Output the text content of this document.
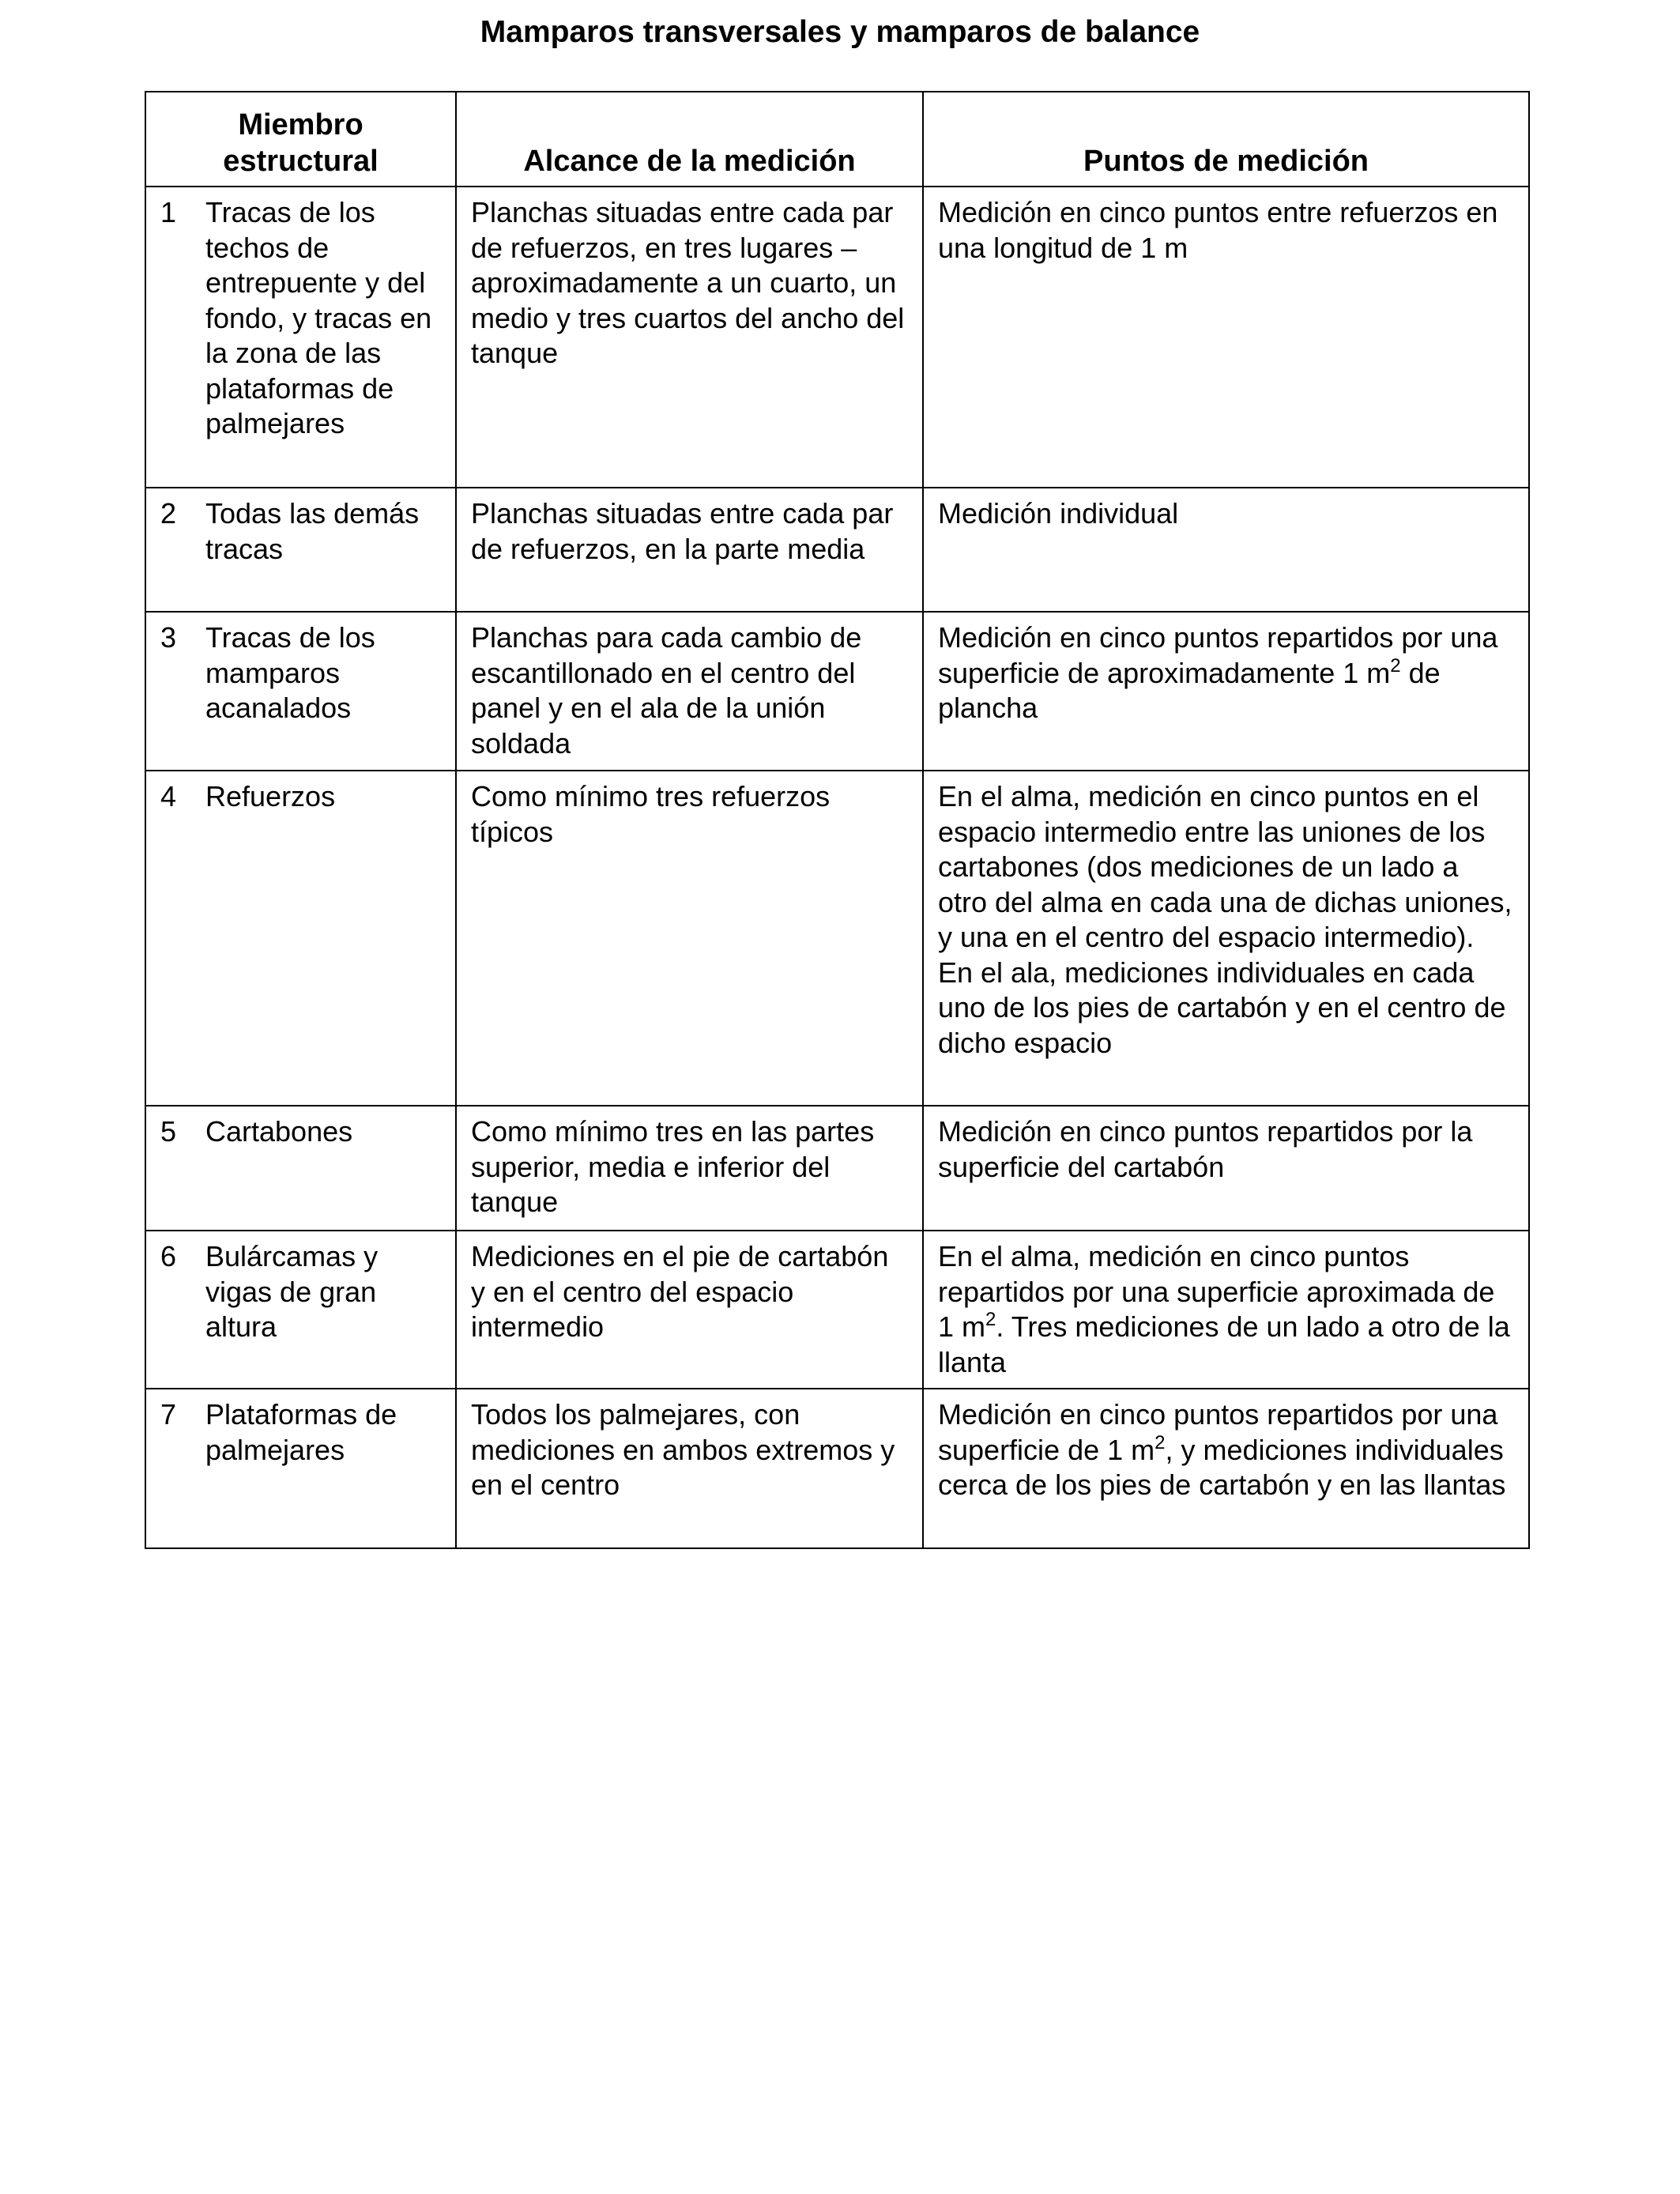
Mamparos transversales y mamparos de balance
Miembro estructural	Alcance de la medición	Puntos de medición

1 Tracas de los techos de entrepuente y del fondo, y tracas en la zona de las plataformas de palmejares	Planchas situadas entre cada par de refuerzos, en tres lugares – aproximadamente a un cuarto, un medio y tres cuartos del ancho del tanque	Medición en cinco puntos entre refuerzos en una longitud de 1 m

2 Todas las demás tracas	Planchas situadas entre cada par de refuerzos, en la parte media	Medición individual

3 Tracas de los mamparos acanalados	Planchas para cada cambio de escantillonado en el centro del panel y en el ala de la unión soldada	Medición en cinco puntos repartidos por una superficie de aproximadamente 1 $m^2$ de plancha

4 Refuerzos	Como mínimo tres refuerzos típicos	En el alma, medición en cinco puntos en el espacio intermedio entre las uniones de los cartabones (dos mediciones de un lado a otro del alma en cada una de dichas uniones, y una en el centro del espacio intermedio). En el ala, mediciones individuales en cada uno de los pies de cartabón y en el centro de dicho espacio

5 Cartabones	Como mínimo tres en las partes superior, media e inferior del tanque	Medición en cinco puntos repartidos por la superficie del cartabón

6 Bulárcamas y vigas de gran altura	Mediciones en el pie de cartabón y en el centro del espacio intermedio	En el alma, medición en cinco puntos repartidos por una superficie aproximada de 1 $m^2$. Tres mediciones de un lado a otro de la llanta

7 Plataformas de palmejares	Todos los palmejares, con mediciones en ambos extremos y en el centro	Medición en cinco puntos repartidos por una superficie de 1 $m^2$, y mediciones individuales cerca de los pies de cartabón y en las llantas
